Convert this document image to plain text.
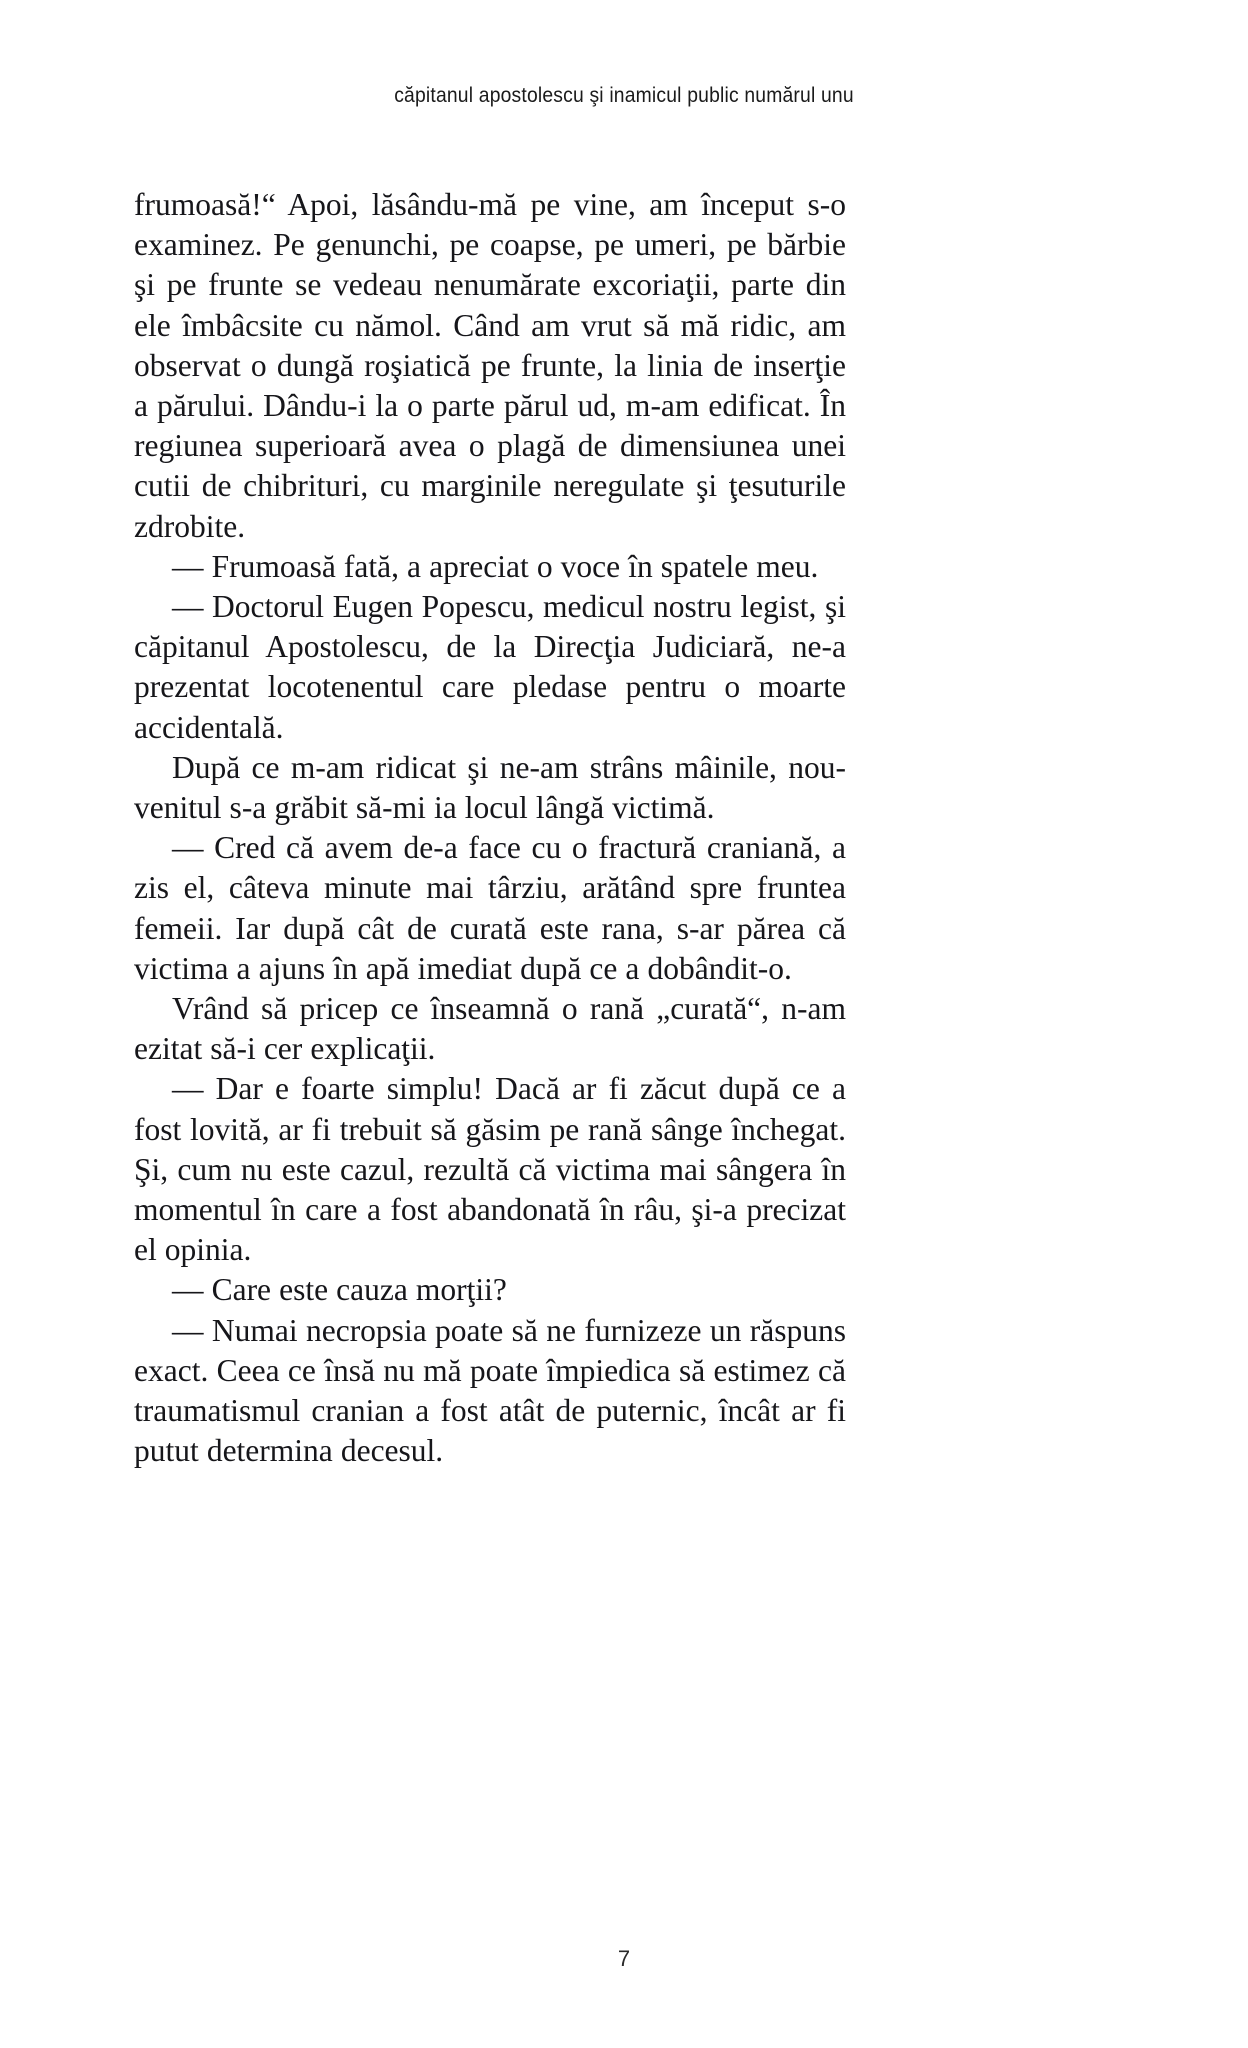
căpitanul apostolescu şi inamicul public numărul unu

frumoasă!“ Apoi, lăsându-mă pe vine, am început s-o examinez. Pe genunchi, pe coapse, pe umeri, pe bărbie şi pe frunte se vedeau nenumărate excoriaţii, parte din ele îmbâcsite cu nămol. Când am vrut să mă ridic, am observat o dungă roşiatică pe frunte, la linia de inserţie a părului. Dându-i la o parte părul ud, m-am edificat. În regiunea superioară avea o plagă de dimensiunea unei cutii de chibrituri, cu marginile neregulate şi ţesuturile zdrobite.

— Frumoasă fată, a apreciat o voce în spatele meu.

— Doctorul Eugen Popescu, medicul nostru legist, şi căpitanul Apostolescu, de la Direcţia Judiciară, ne-a prezentat locotenentul care pledase pentru o moarte accidentală.

După ce m-am ridicat şi ne-am strâns mâinile, nou-venitul s-a grăbit să-mi ia locul lângă victimă.

— Cred că avem de-a face cu o fractură craniană, a zis el, câteva minute mai târziu, arătând spre fruntea femeii. Iar după cât de curată este rana, s-ar părea că victima a ajuns în apă imediat după ce a dobândit-o.

Vrând să pricep ce înseamnă o rană „curată“, n-am ezitat să-i cer explicaţii.

— Dar e foarte simplu! Dacă ar fi zăcut după ce a fost lovită, ar fi trebuit să găsim pe rană sânge închegat. Şi, cum nu este cazul, rezultă că victima mai sângera în momentul în care a fost abandonată în râu, şi-a precizat el opinia.

— Care este cauza morţii?

— Numai necropsia poate să ne furnizeze un răspuns exact. Ceea ce însă nu mă poate împiedica să estimez că traumatismul cranian a fost atât de puternic, încât ar fi putut determina decesul.

7
